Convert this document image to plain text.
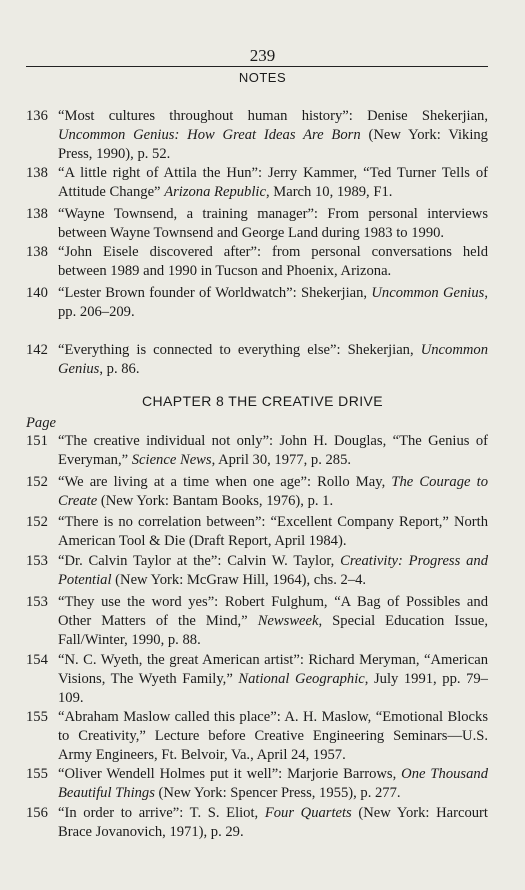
239
NOTES
136 “Most cultures throughout human history”: Denise Shekerjian, Uncommon Genius: How Great Ideas Are Born (New York: Viking Press, 1990), p. 52.
138 “A little right of Attila the Hun”: Jerry Kammer, “Ted Turner Tells of Attitude Change” Arizona Republic, March 10, 1989, F1.
138 “Wayne Townsend, a training manager”: From personal interviews between Wayne Townsend and George Land during 1983 to 1990.
138 “John Eisele discovered after”: from personal conversations held between 1989 and 1990 in Tucson and Phoenix, Arizona.
140 “Lester Brown founder of Worldwatch”: Shekerjian, Uncommon Genius, pp. 206–209.
142 “Everything is connected to everything else”: Shekerjian, Uncommon Genius, p. 86.
CHAPTER 8 THE CREATIVE DRIVE
Page
151 “The creative individual not only”: John H. Douglas, “The Genius of Everyman,” Science News, April 30, 1977, p. 285.
152 “We are living at a time when one age”: Rollo May, The Courage to Create (New York: Bantam Books, 1976), p. 1.
152 “There is no correlation between”: “Excellent Company Report,” North American Tool & Die (Draft Report, April 1984).
153 “Dr. Calvin Taylor at the”: Calvin W. Taylor, Creativity: Progress and Potential (New York: McGraw Hill, 1964), chs. 2–4.
153 “They use the word yes”: Robert Fulghum, “A Bag of Possibles and Other Matters of the Mind,” Newsweek, Special Education Issue, Fall/Winter, 1990, p. 88.
154 “N. C. Wyeth, the great American artist”: Richard Meryman, “American Visions, The Wyeth Family,” National Geographic, July 1991, pp. 79–109.
155 “Abraham Maslow called this place”: A. H. Maslow, “Emotional Blocks to Creativity,” Lecture before Creative Engineering Seminars—U.S. Army Engineers, Ft. Belvoir, Va., April 24, 1957.
155 “Oliver Wendell Holmes put it well”: Marjorie Barrows, One Thousand Beautiful Things (New York: Spencer Press, 1955), p. 277.
156 “In order to arrive”: T. S. Eliot, Four Quartets (New York: Harcourt Brace Jovanovich, 1971), p. 29.
